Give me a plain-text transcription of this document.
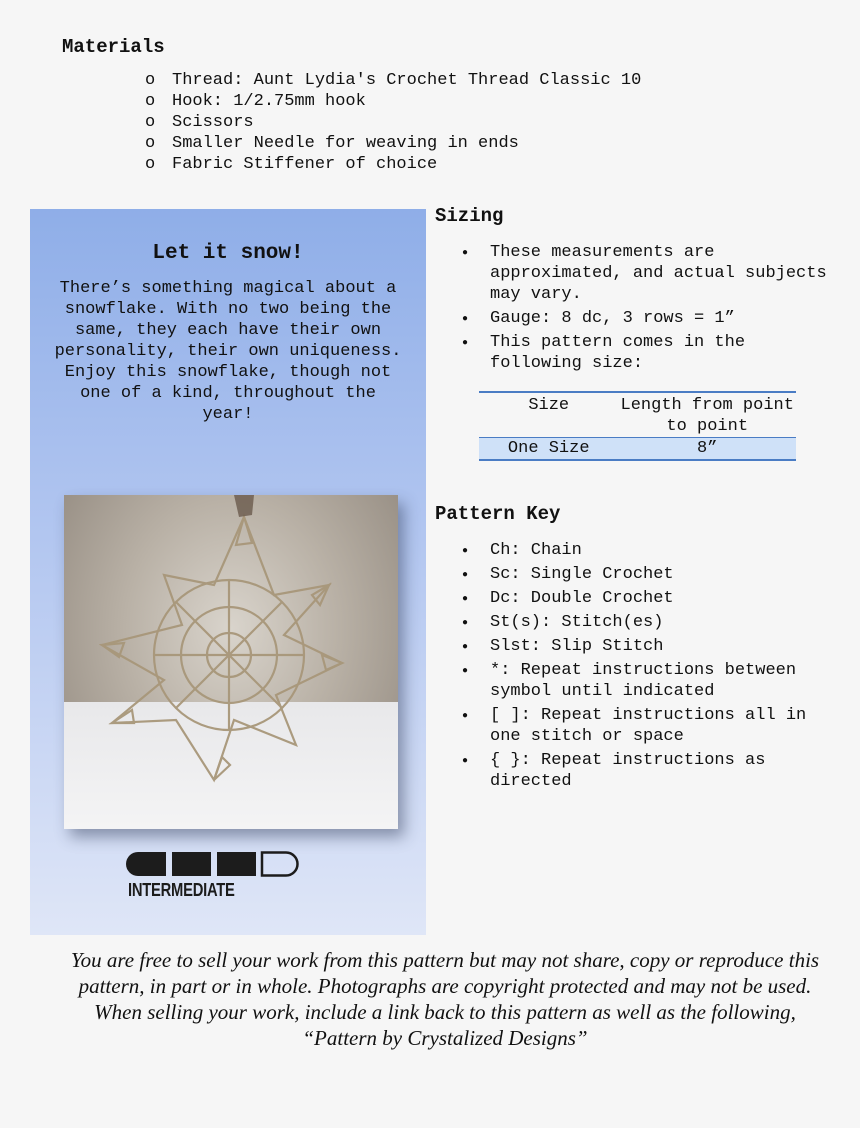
Materials
o Thread: Aunt Lydia's Crochet Thread Classic 10
o Hook: 1/2.75mm hook
o Scissors
o Smaller Needle for weaving in ends
o Fabric Stiffener of choice
Let it snow!
There’s something magical about a snowflake. With no two being the same, they each have their own personality, their own uniqueness. Enjoy this snowflake, though not one of a kind, throughout the year!
INTERMEDIATE
Sizing
● These measurements are approximated, and actual subjects may vary.
● Gauge: 8 dc, 3 rows = 1”
● This pattern comes in the following size:
Size	Length from point to point
One Size	8”
Pattern Key
● Ch: Chain
● Sc: Single Crochet
● Dc: Double Crochet
● St(s): Stitch(es)
● Slst: Slip Stitch
● *: Repeat instructions between symbol until indicated
● [ ]: Repeat instructions all in one stitch or space
● { }: Repeat instructions as directed
You are free to sell your work from this pattern but may not share, copy or reproduce this pattern, in part or in whole. Photographs are copyright protected and may not be used. When selling your work, include a link back to this pattern as well as the following, “Pattern by Crystalized Designs”
